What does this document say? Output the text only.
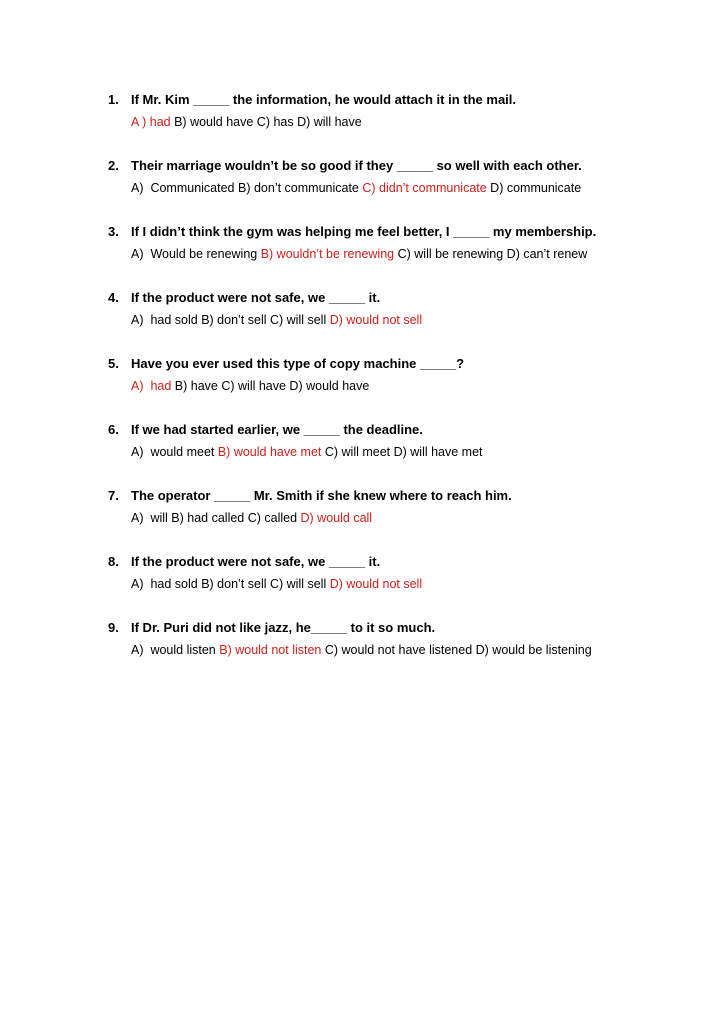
1. If Mr. Kim _____ the information, he would attach it in the mail.
A ) had B) would have C) has D) will have
2. Their marriage wouldn’t be so good if they _____ so well with each other.
A)  Communicated B) don’t communicate C) didn’t communicate D) communicate
3. If I didn’t think the gym was helping me feel better, I _____ my membership.
A)  Would be renewing B) wouldn’t be renewing C) will be renewing D) can’t renew
4. If the product were not safe, we _____ it.
A)  had sold B) don’t sell C) will sell D) would not sell
5. Have you ever used this type of copy machine _____?
A)  had B) have C) will have D) would have
6. If we had started earlier, we _____ the deadline.
A)  would meet B) would have met C) will meet D) will have met
7. The operator _____ Mr. Smith if she knew where to reach him.
A)  will B) had called C) called D) would call
8. If the product were not safe, we _____ it.
A)  had sold B) don’t sell C) will sell D) would not sell
9. If Dr. Puri did not like jazz, he_____ to it so much.
A)  would listen B) would not listen C) would not have listened D) would be listening
